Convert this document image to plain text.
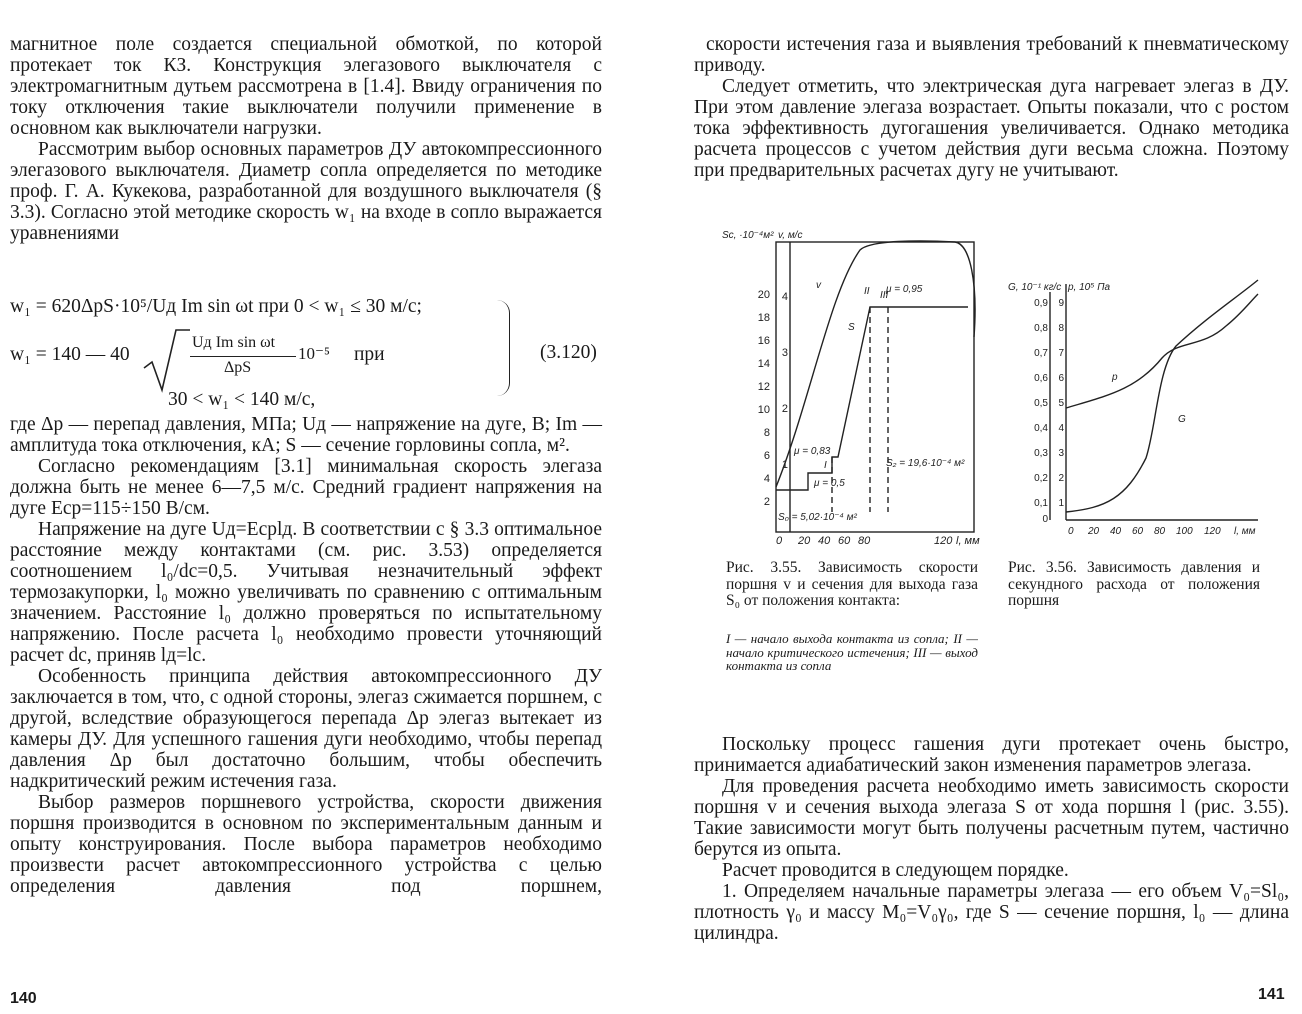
магнитное поле создается специальной обмоткой, по которой протекает ток КЗ. Конструкция элегазового выключателя с электромагнитным дутьем рассмотрена в [1.4]. Ввиду ограничения по току отключения такие выключатели получили применение в основном как выключатели нагрузки.

Рассмотрим выбор основных параметров ДУ автокомпрессионного элегазового выключателя. Диаметр сопла определяется по методике проф. Г. А. Кукекова, разработанной для воздушного выключателя (§ 3.3). Согласно этой методике скорость w₁ на входе в сопло выражается уравнениями

w₁ = 620ΔpS·10⁵/Uд Im sin ωt при 0 < w₁ ≤ 30 м/с;
w₁ = 140 — 40
Uд Im sin ωt
ΔpS
10⁻⁵ при
30 < w₁ < 140 м/с,
(3.120)

где Δp — перепад давления, МПа; Uд — напряжение на дуге, В; Im — амплитуда тока отключения, кА; S — сечение горловины сопла, м².

Согласно рекомендациям [3.1] минимальная скорость элегаза должна быть не менее 6—7,5 м/с. Средний градиент напряжения на дуге Eср=115÷150 В/см.

Напряжение на дуге Uд=Eсрlд. В соответствии с § 3.3 оптимальное расстояние между контактами (см. рис. 3.53) определяется соотношением l₀/dc=0,5. Учитывая незначительный эффект термозакупорки, l₀ можно увеличивать по сравнению с оптимальным значением. Расстояние l₀ должно проверяться по испытательному напряжению. После расчета l₀ необходимо провести уточняющий расчет dc, приняв lд=lc.

Особенность принципа действия автокомпрессионного ДУ заключается в том, что, с одной стороны, элегаз сжимается поршнем, с другой, вследствие образующегося перепада Δp элегаз вытекает из камеры ДУ. Для успешного гашения дуги необходимо, чтобы перепад давления Δp был достаточно большим, чтобы обеспечить надкритический режим истечения газа.

Выбор размеров поршневого устройства, скорости движения поршня производится в основном по экспериментальным данным и опыту конструирования. После выбора параметров необходимо произвести расчет автокомпрессионного устройства с целью определения давления под поршнем,

140

скорости истечения газа и выявления требований к пневматическому приводу.

Следует отметить, что электрическая дуга нагревает элегаз в ДУ. При этом давление элегаза возрастает. Опыты показали, что с ростом тока эффективность дугогашения увеличивается. Однако методика расчета процессов с учетом действия дуги весьма сложна. Поэтому при предварительных расчетах дугу не учитывают.

20
18
16
14
12
10
8
6
4
2
4
3
2
1
0 20 40 60 80	120 l, мм
Sc, ·10⁻⁴м² v, м/с
v
S
μ = 0,95
II III
μ = 0,83
I
μ = 0,5
S₀ = 5,02·10⁻⁴ м²
S₂ = 19,6·10⁻⁴ м²
Рис. 3.55. Зависимость скорости поршня v и сечения для выхода газа S₀ от положения контакта:
I — начало выхода контакта из сопла; II — начало критического истечения; III — выход контакта из сопла
0,9
0,8
0,7
0,6
0,5
0,4
0,3
0,2
0,1
0
9
8
7
6
5
4
3
2
1
0 20 40 60 80 100 120 l, мм
G, 10⁻¹ кг/с p, 10⁵ Па
p
G
Рис. 3.56. Зависимость давления и секундного расхода от положения поршня

Поскольку процесс гашения дуги протекает очень быстро, принимается адиабатический закон изменения параметров элегаза.

Для проведения расчета необходимо иметь зависимость скорости поршня v и сечения выхода элегаза S от хода поршня l (рис. 3.55). Такие зависимости могут быть получены расчетным путем, частично берутся из опыта.

Расчет проводится в следующем порядке.

1. Определяем начальные параметры элегаза — его объем V₀=Sl₀, плотность γ₀ и массу M₀=V₀γ₀, где S — сечение поршня, l₀ — длина цилиндра.

141
